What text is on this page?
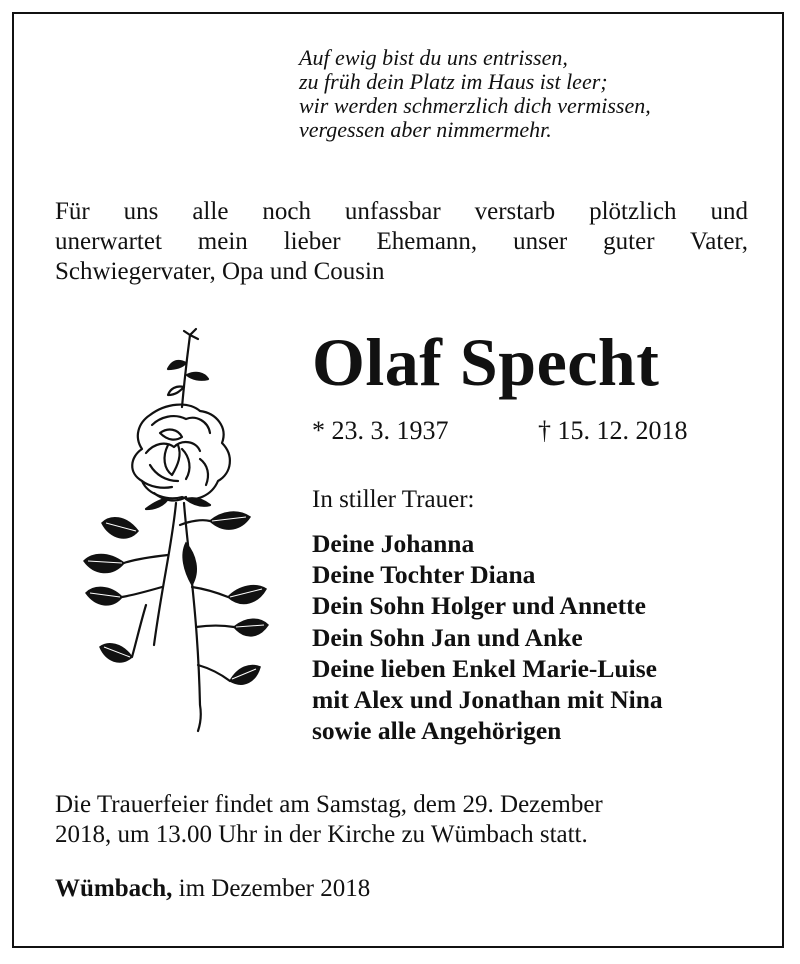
Auf ewig bist du uns entrissen,
zu früh dein Platz im Haus ist leer;
wir werden schmerzlich dich vermissen,
vergessen aber nimmermehr.
Für uns alle noch unfassbar verstarb plötzlich und
unerwartet mein lieber Ehemann, unser guter Vater,
Schwiegervater, Opa und Cousin
Olaf Specht
* 23. 3. 1937	† 15. 12. 2018
In stiller Trauer:
Deine Johanna
Deine Tochter Diana
Dein Sohn Holger und Annette
Dein Sohn Jan und Anke
Deine lieben Enkel Marie-Luise
mit Alex und Jonathan mit Nina
sowie alle Angehörigen
Die Trauerfeier findet am Samstag, dem 29. Dezember
2018, um 13.00 Uhr in der Kirche zu Wümbach statt.
Wümbach, im Dezember 2018
